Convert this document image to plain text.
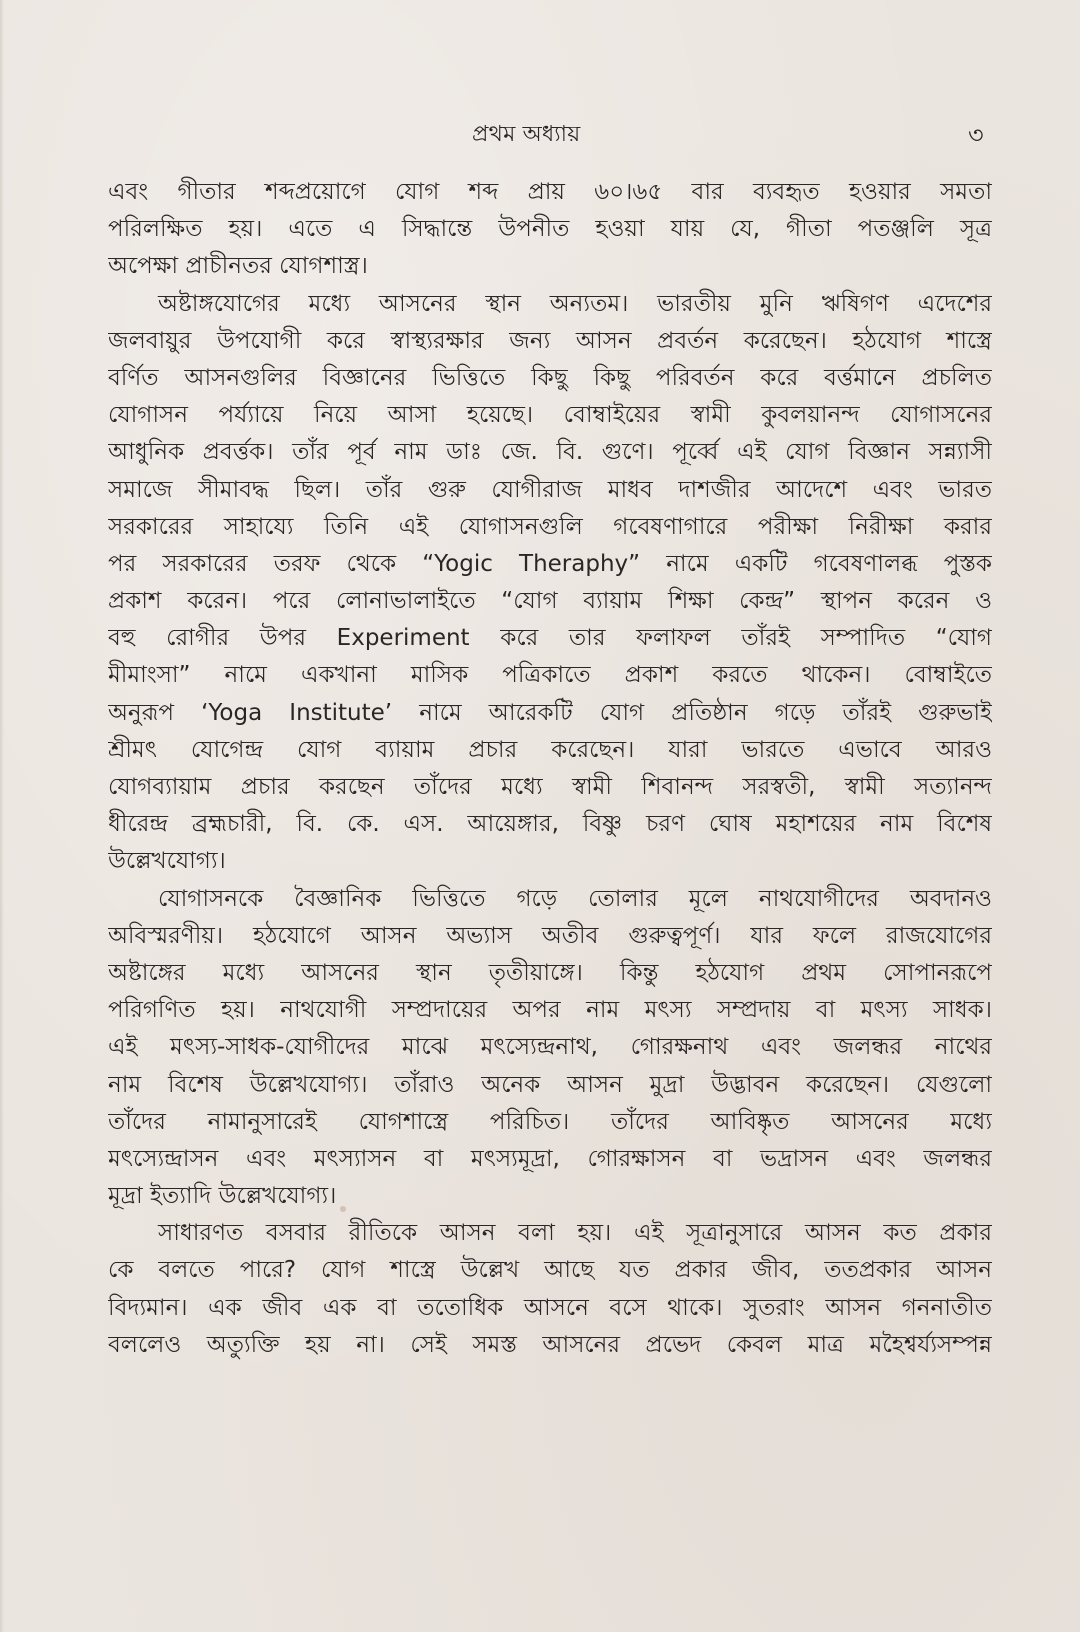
প্রথম অধ্যায়	৩
এবং গীতার শব্দপ্রয়োগে যোগ শব্দ প্রায় ৬০।৬৫ বার ব্যবহৃত হওয়ার সমতা
পরিলক্ষিত হয়। এতে এ সিদ্ধান্তে উপনীত হওয়া যায় যে, গীতা পতঞ্জলি সূত্র
অপেক্ষা প্রাচীনতর যোগশাস্ত্র।
অষ্টাঙ্গযোগের মধ্যে আসনের স্থান অন্যতম। ভারতীয় মুনি ঋষিগণ এদেশের
জলবায়ুর উপযোগী করে স্বাস্থ্যরক্ষার জন্য আসন প্রবর্তন করেছেন। হঠযোগ শাস্ত্রে
বর্ণিত আসনগুলির বিজ্ঞানের ভিত্তিতে কিছু কিছু পরিবর্তন করে বর্ত্তমানে প্রচলিত
যোগাসন পর্য্যায়ে নিয়ে আসা হয়েছে। বোম্বাইয়ের স্বামী কুবলয়ানন্দ যোগাসনের
আধুনিক প্রবর্ত্তক। তাঁর পূর্ব নাম ডাঃ জে. বি. গুণে। পূর্ব্বে এই যোগ বিজ্ঞান সন্ন্যাসী
সমাজে সীমাবদ্ধ ছিল। তাঁর গুরু যোগীরাজ মাধব দাশজীর আদেশে এবং ভারত
সরকারের সাহায্যে তিনি এই যোগাসনগুলি গবেষণাগারে পরীক্ষা নিরীক্ষা করার
পর সরকারের তরফ থেকে “Yogic Theraphy” নামে একটি গবেষণালব্ধ পুস্তক
প্রকাশ করেন। পরে লোনাভালাইতে “যোগ ব্যায়াম শিক্ষা কেন্দ্র” স্থাপন করেন ও
বহু রোগীর উপর Experiment করে তার ফলাফল তাঁরই সম্পাদিত “যোগ
মীমাংসা” নামে একখানা মাসিক পত্রিকাতে প্রকাশ করতে থাকেন। বোম্বাইতে
অনুরূপ ‘Yoga Institute’ নামে আরেকটি যোগ প্রতিষ্ঠান গড়ে তাঁরই গুরুভাই
শ্রীমৎ যোগেন্দ্র যোগ ব্যায়াম প্রচার করেছেন। যারা ভারতে এভাবে আরও
যোগব্যায়াম প্রচার করছেন তাঁদের মধ্যে স্বামী শিবানন্দ সরস্বতী, স্বামী সত্যানন্দ
ধীরেন্দ্র ব্রহ্মচারী, বি. কে. এস. আয়েঙ্গার, বিষ্ণু চরণ ঘোষ মহাশয়ের নাম বিশেষ
উল্লেখযোগ্য।
যোগাসনকে বৈজ্ঞানিক ভিত্তিতে গড়ে তোলার মূলে নাথযোগীদের অবদানও
অবিস্মরণীয়। হঠযোগে আসন অভ্যাস অতীব গুরুত্বপূর্ণ। যার ফলে রাজযোগের
অষ্টাঙ্গের মধ্যে আসনের স্থান তৃতীয়াঙ্গে। কিন্তু হঠযোগ প্রথম সোপানরূপে
পরিগণিত হয়। নাথযোগী সম্প্রদায়ের অপর নাম মৎস্য সম্প্রদায় বা মৎস্য সাধক।
এই মৎস্য-সাধক-যোগীদের মাঝে মৎস্যেন্দ্রনাথ, গোরক্ষনাথ এবং জলন্ধর নাথের
নাম বিশেষ উল্লেখযোগ্য। তাঁরাও অনেক আসন মুদ্রা উদ্ভাবন করেছেন। যেগুলো
তাঁদের নামানুসারেই যোগশাস্ত্রে পরিচিত। তাঁদের আবিষ্কৃত আসনের মধ্যে
মৎস্যেন্দ্রাসন এবং মৎস্যাসন বা মৎস্যমূদ্রা, গোরক্ষাসন বা ভদ্রাসন এবং জলন্ধর
মূদ্রা ইত্যাদি উল্লেখযোগ্য।
সাধারণত বসবার রীতিকে আসন বলা হয়। এই সূত্রানুসারে আসন কত প্রকার
কে বলতে পারে? যোগ শাস্ত্রে উল্লেখ আছে যত প্রকার জীব, ততপ্রকার আসন
বিদ্যমান। এক জীব এক বা ততোধিক আসনে বসে থাকে। সুতরাং আসন গননাতীত
বললেও অত্যুক্তি হয় না। সেই সমস্ত আসনের প্রভেদ কেবল মাত্র মহৈশ্বর্য্যসম্পন্ন
